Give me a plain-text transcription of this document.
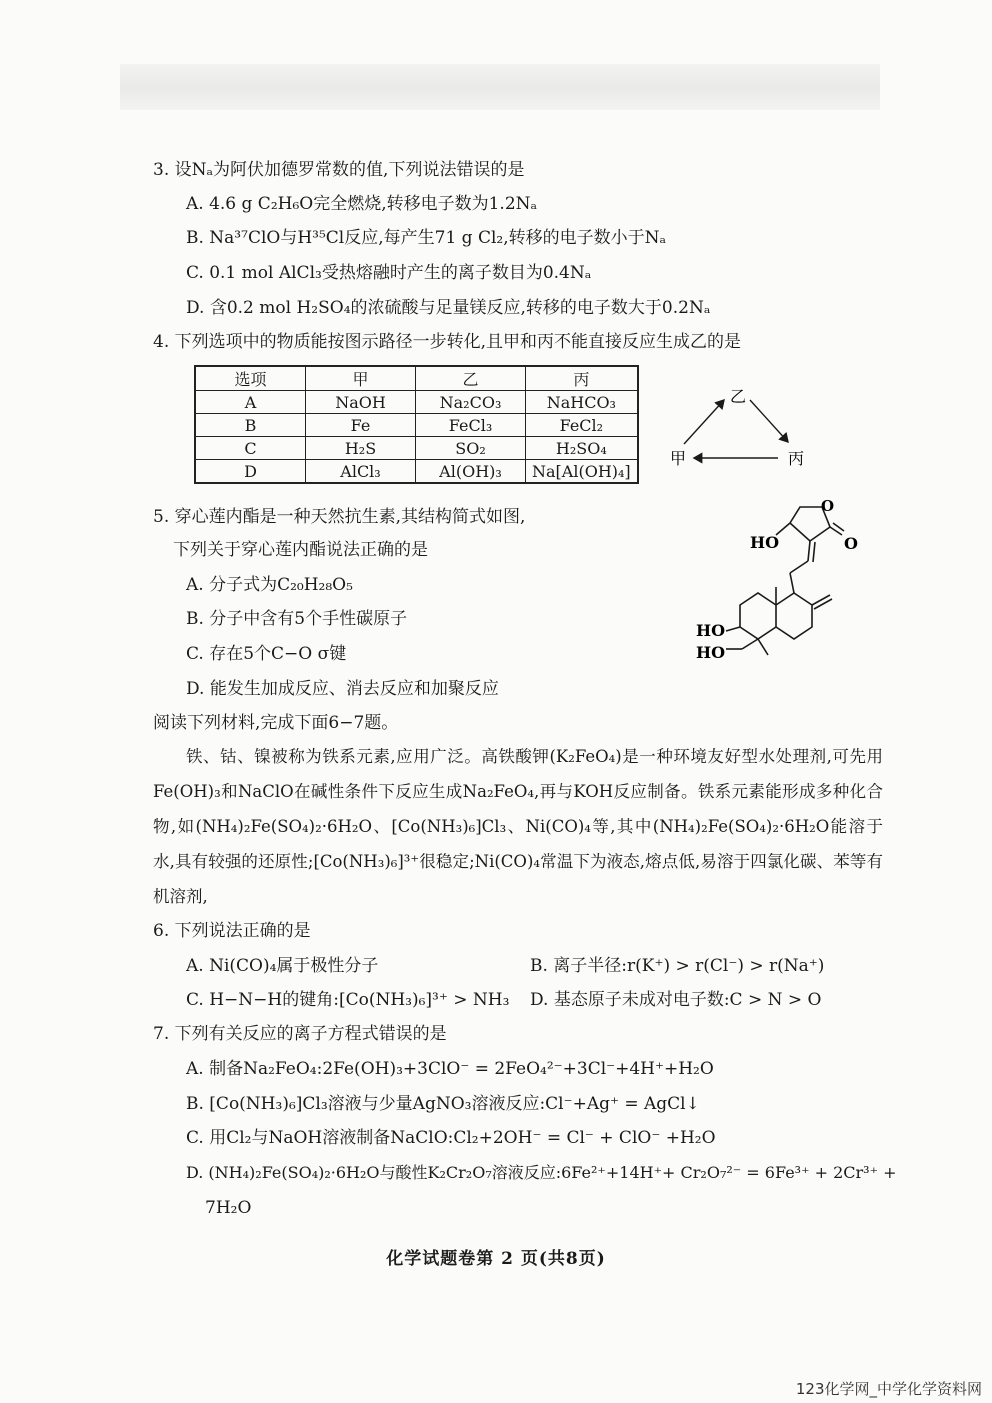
3. 设Nₐ为阿伏加德罗常数的值,下列说法错误的是
A. 4.6 g C₂H₆O完全燃烧,转移电子数为1.2Nₐ
B. Na³⁷ClO与H³⁵Cl反应,每产生71 g Cl₂,转移的电子数小于Nₐ
C. 0.1 mol AlCl₃受热熔融时产生的离子数目为0.4Nₐ
D. 含0.2 mol H₂SO₄的浓硫酸与足量镁反应,转移的电子数大于0.2Nₐ
4. 下列选项中的物质能按图示路径一步转化,且甲和丙不能直接反应生成乙的是
选项	甲	乙	丙
A	NaOH	Na₂CO₃	NaHCO₃
B	Fe	FeCl₃	FeCl₂
C	H₂S	SO₂	H₂SO₄
D	AlCl₃	Al(OH)₃	Na[Al(OH)₄]
乙
甲	丙
5. 穿心莲内酯是一种天然抗生素,其结构简式如图,
下列关于穿心莲内酯说法正确的是
A. 分子式为C₂₀H₂₈O₅
B. 分子中含有5个手性碳原子
C. 存在5个C−O σ键
D. 能发生加成反应、消去反应和加聚反应
HO
O
O
HO
HO
阅读下列材料,完成下面6−7题。
铁、钴、镍被称为铁系元素,应用广泛。高铁酸钾(K₂FeO₄)是一种环境友好型水处理剂,可先用Fe(OH)₃和NaClO在碱性条件下反应生成Na₂FeO₄,再与KOH反应制备。铁系元素能形成多种化合物,如(NH₄)₂Fe(SO₄)₂·6H₂O、[Co(NH₃)₆]Cl₃、Ni(CO)₄等,其中(NH₄)₂Fe(SO₄)₂·6H₂O能溶于水,具有较强的还原性;[Co(NH₃)₆]³⁺很稳定;Ni(CO)₄常温下为液态,熔点低,易溶于四氯化碳、苯等有机溶剂,
6. 下列说法正确的是
A. Ni(CO)₄属于极性分子	B. 离子半径:r(K⁺) > r(Cl⁻) > r(Na⁺)
C. H−N−H的键角:[Co(NH₃)₆]³⁺ > NH₃ D. 基态原子未成对电子数:C > N > O
7. 下列有关反应的离子方程式错误的是
A. 制备Na₂FeO₄:2Fe(OH)₃+3ClO⁻ = 2FeO₄²⁻+3Cl⁻+4H⁺+H₂O
B. [Co(NH₃)₆]Cl₃溶液与少量AgNO₃溶液反应:Cl⁻+Ag⁺ = AgCl↓
C. 用Cl₂与NaOH溶液制备NaClO:Cl₂+2OH⁻ = Cl⁻ + ClO⁻ +H₂O
D. (NH₄)₂Fe(SO₄)₂·6H₂O与酸性K₂Cr₂O₇溶液反应:6Fe²⁺+14H⁺+ Cr₂O₇²⁻ = 6Fe³⁺ + 2Cr³⁺ +
7H₂O
化学试题卷第 2 页(共8页)
123化学网_中学化学资料网
